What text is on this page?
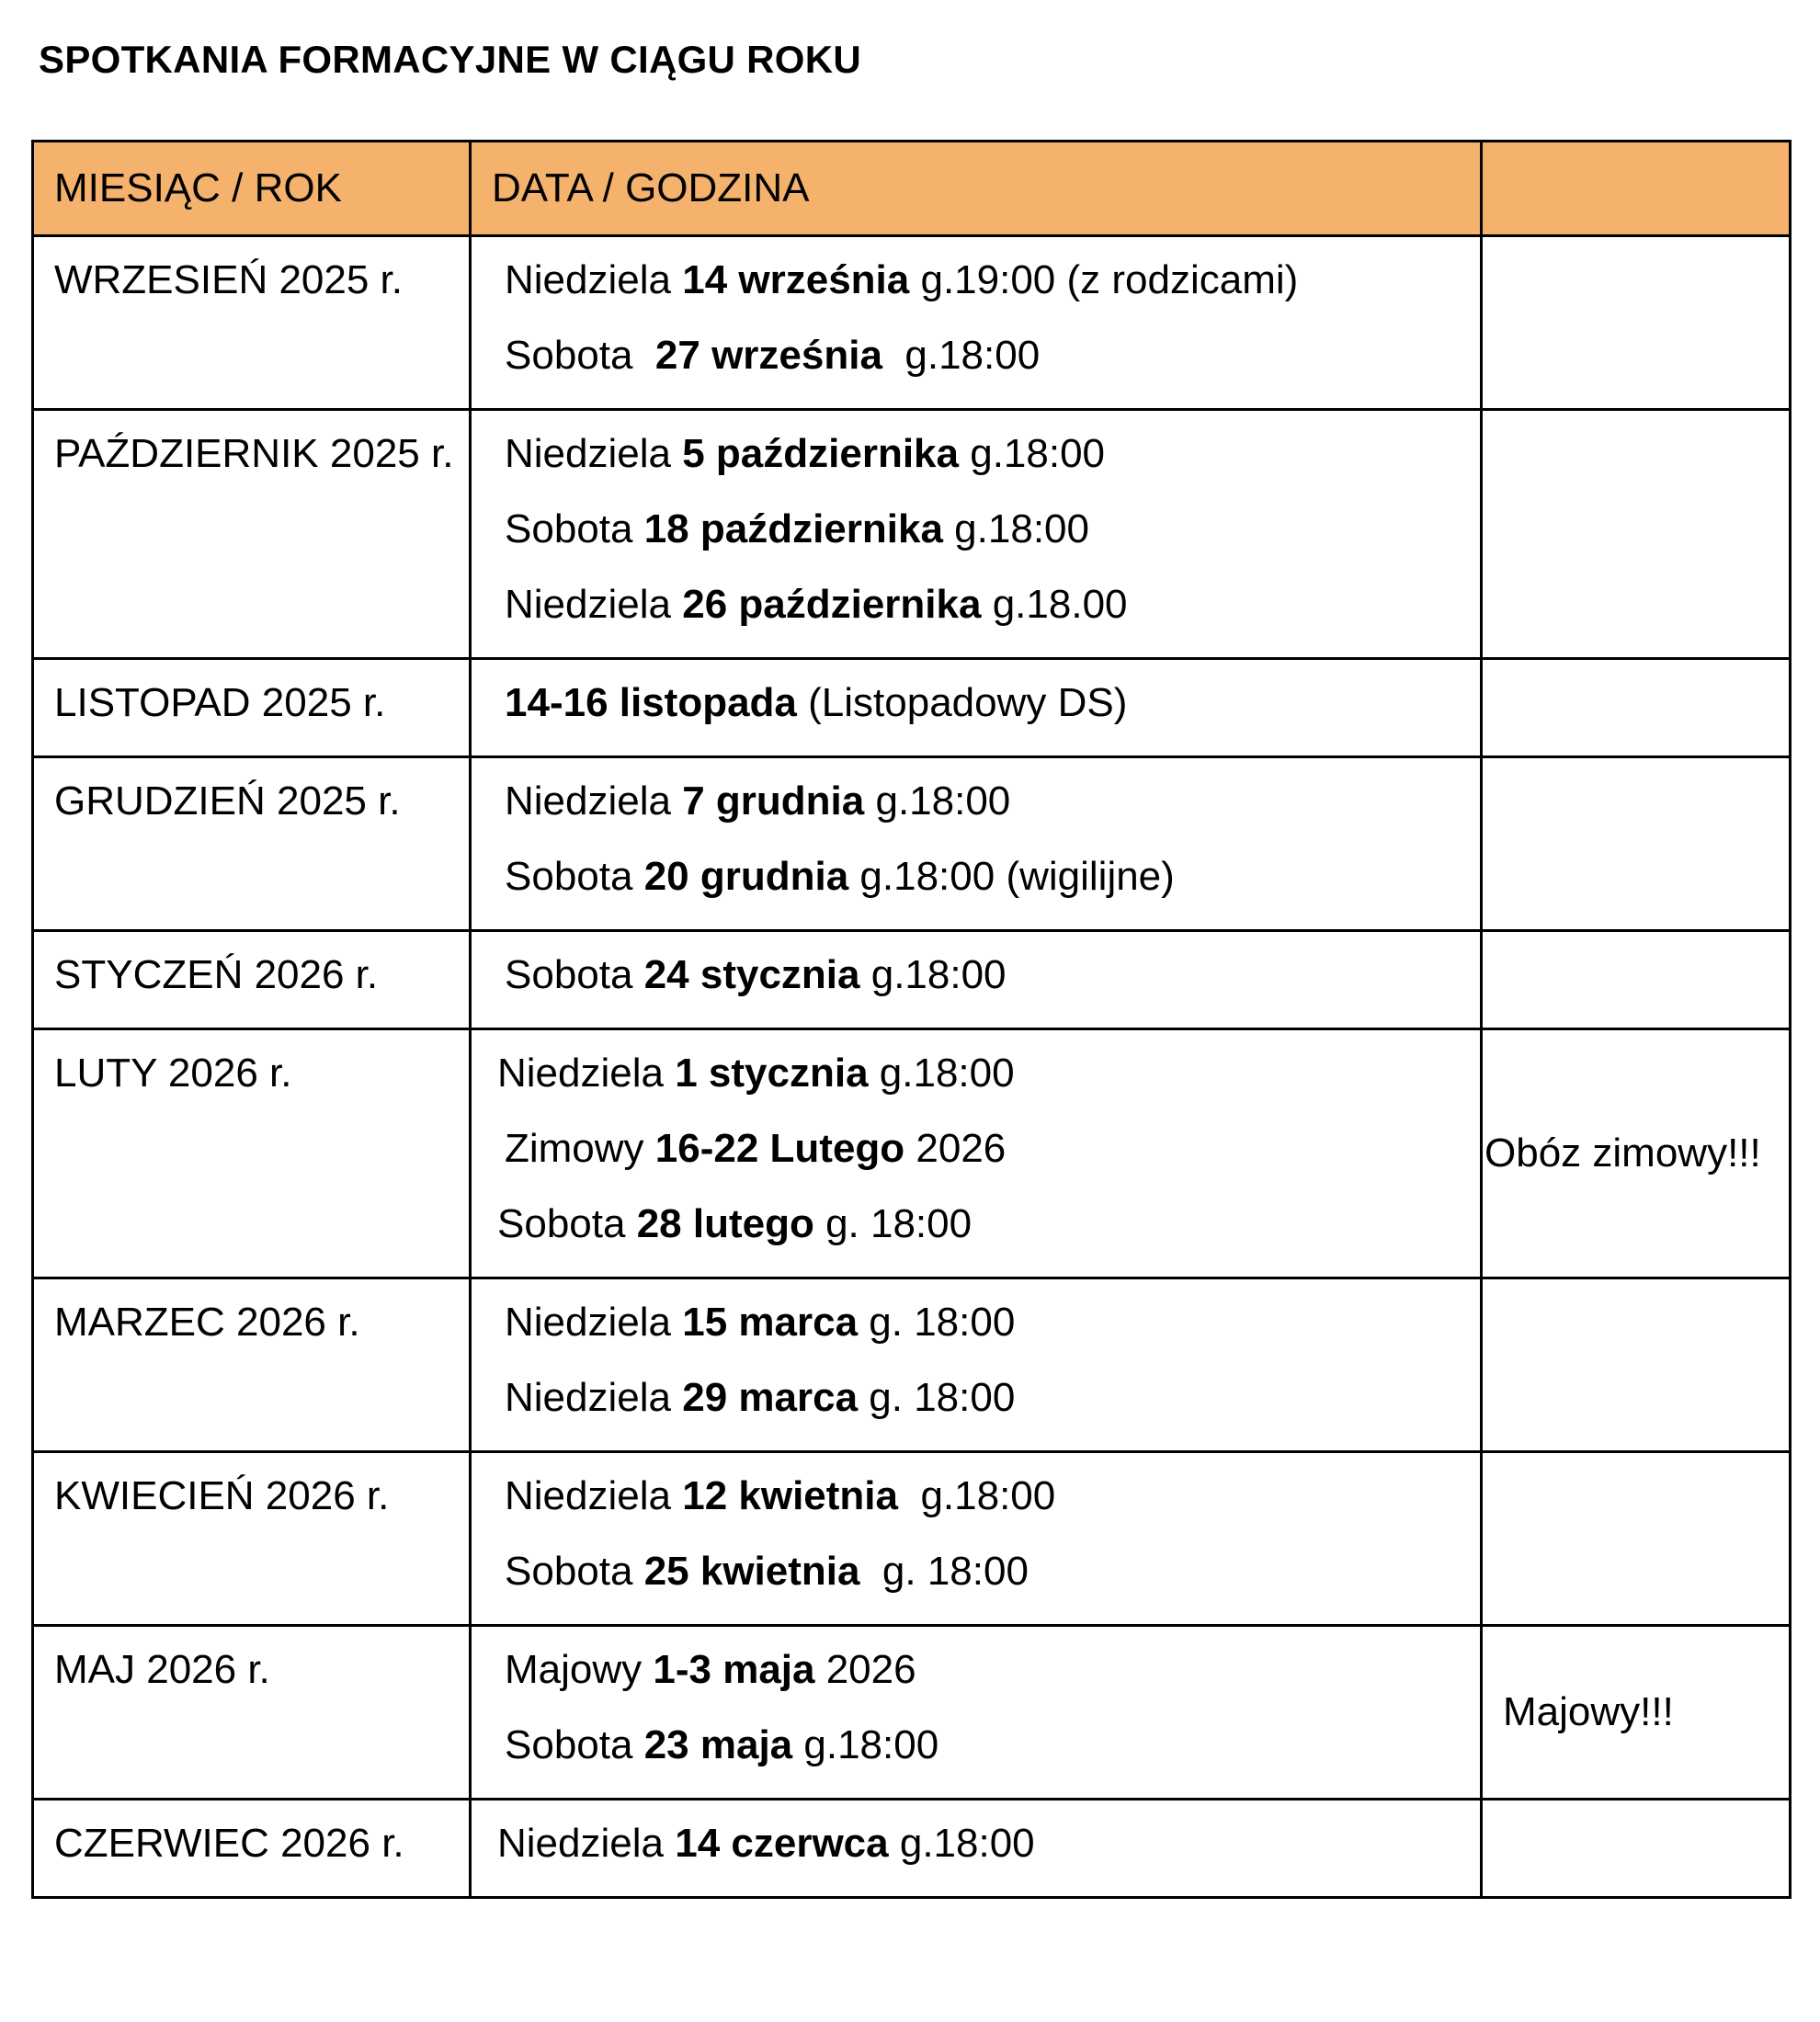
SPOTKANIA FORMACYJNE W CIĄGU ROKU
MIESIĄC / ROK	DATA / GODZINA	
WRZESIEŃ 2025 r.	Niedziela 14 września g.19:00 (z rodzicami)
Sobota  27 września  g.18:00	

PAŹDZIERNIK 2025 r.	Niedziela 5 października g.18:00
Sobota 18 października g.18:00
Niedziela 26 października g.18.00	

LISTOPAD 2025 r.	14-16 listopada (Listopadowy DS)	

GRUDZIEŃ 2025 r.	Niedziela 7 grudnia g.18:00
Sobota 20 grudnia g.18:00 (wigilijne)	

STYCZEŃ 2026 r.	Sobota 24 stycznia g.18:00	

LUTY 2026 r.	Niedziela 1 stycznia g.18:00
Zimowy 16-22 Lutego 2026
Sobota 28 lutego g. 18:00	Obóz zimowy!!!
MARZEC 2026 r.	Niedziela 15 marca g. 18:00
Niedziela 29 marca g. 18:00	

KWIECIEŃ 2026 r.	Niedziela 12 kwietnia  g.18:00
Sobota 25 kwietnia  g. 18:00	

MAJ 2026 r.	Majowy 1-3 maja 2026
Sobota 23 maja g.18:00	Majowy!!!
CZERWIEC 2026 r.	Niedziela 14 czerwca g.18:00	
